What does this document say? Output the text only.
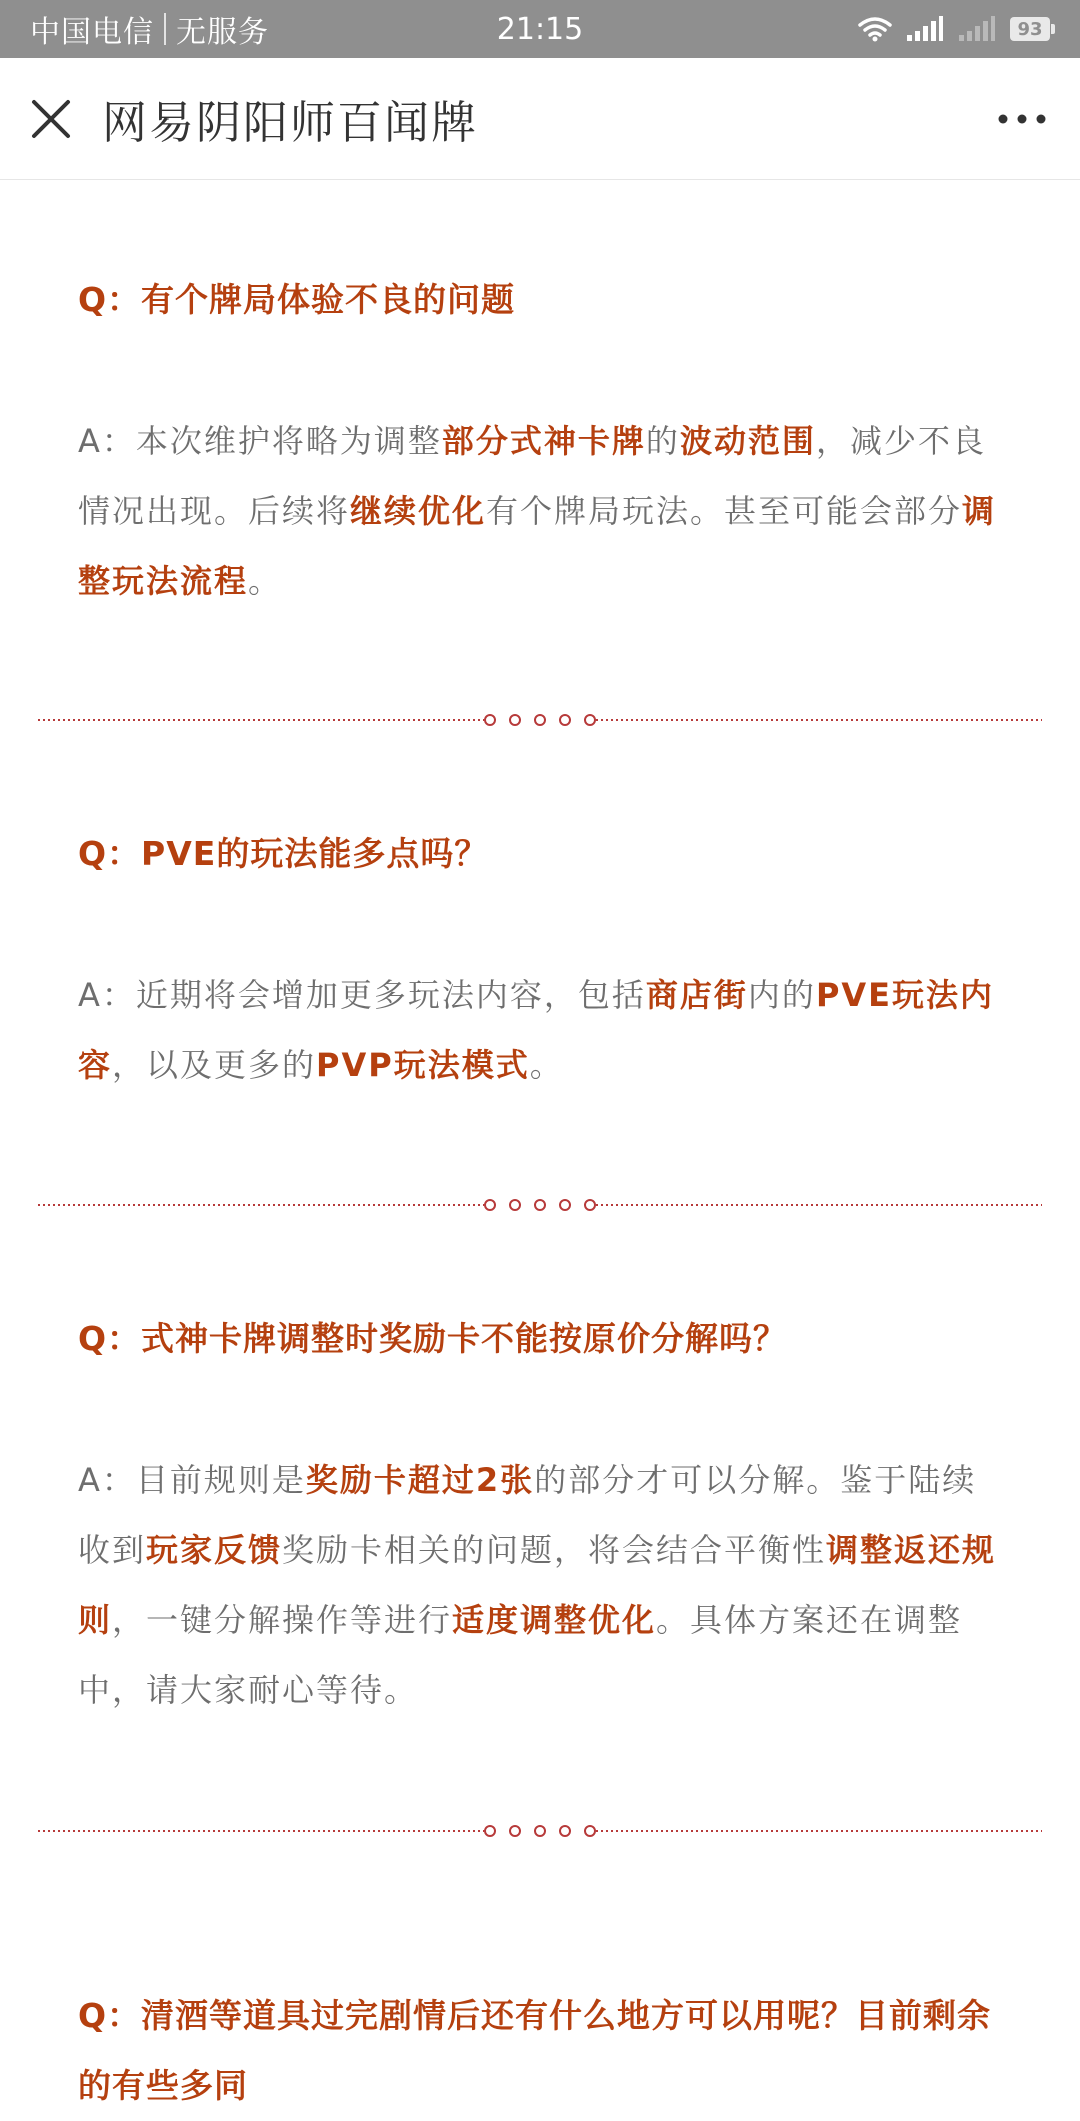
中国电信 无服务	21:15	93
网易阴阳师百闻牌
Q：有个牌局体验不良的问题
A：本次维护将略为调整部分式神卡牌的波动范围，减少不良情况出现。后续将继续优化有个牌局玩法。甚至可能会部分调整玩法流程。
Q：PVE的玩法能多点吗？
A：近期将会增加更多玩法内容，包括商店街内的PVE玩法内容，以及更多的PVP玩法模式。
Q：式神卡牌调整时奖励卡不能按原价分解吗？
A：目前规则是奖励卡超过2张的部分才可以分解。鉴于陆续收到玩家反馈奖励卡相关的问题，将会结合平衡性调整返还规则，一键分解操作等进行适度调整优化。具体方案还在调整中，请大家耐心等待。
Q：清酒等道具过完剧情后还有什么地方可以用呢？目前剩余的有些多同
